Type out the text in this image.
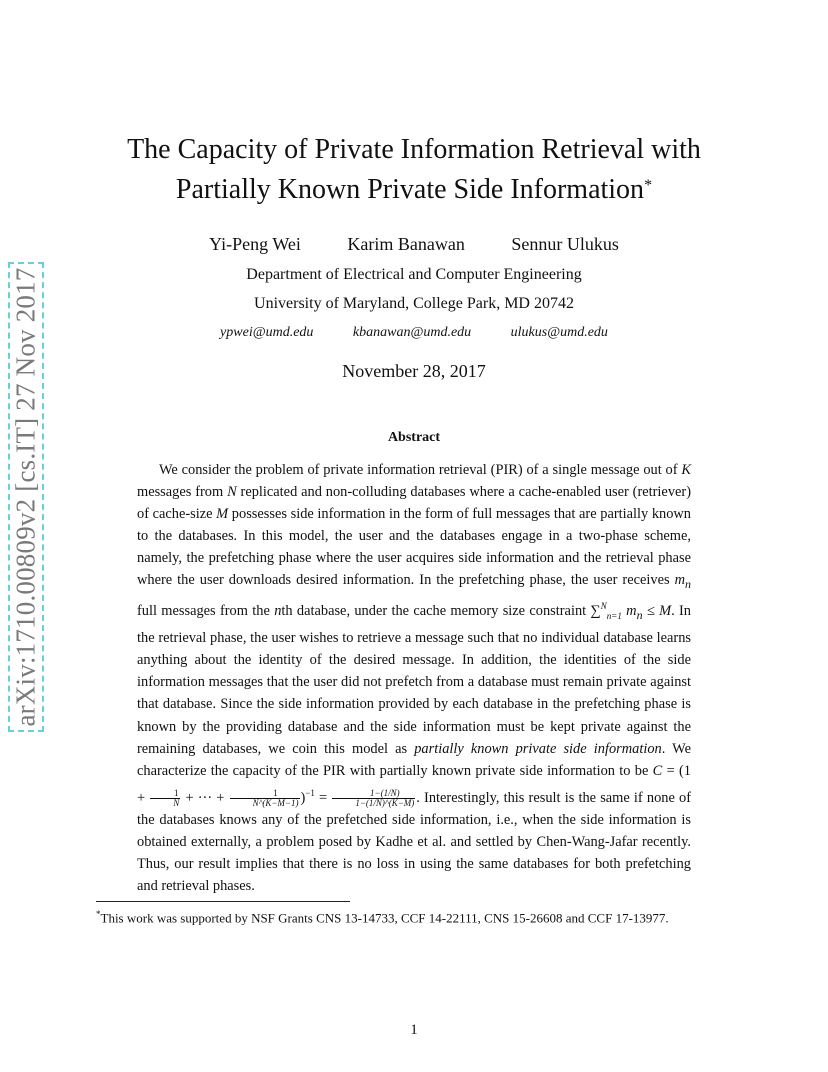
arXiv:1710.00809v2 [cs.IT] 27 Nov 2017
The Capacity of Private Information Retrieval with
Partially Known Private Side Information*
Yi-Peng Wei	Karim Banawan	Sennur Ulukus
Department of Electrical and Computer Engineering
University of Maryland, College Park, MD 20742
ypwei@umd.edu	kbanawan@umd.edu	ulukus@umd.edu
November 28, 2017
Abstract

We consider the problem of private information retrieval (PIR) of a single message out of K messages from N replicated and non-colluding databases where a cache-enabled user (retriever) of cache-size M possesses side information in the form of full messages that are partially known to the databases. In this model, the user and the databases engage in a two-phase scheme, namely, the prefetching phase where the user acquires side information and the retrieval phase where the user downloads desired information. In the prefetching phase, the user receives $m_n$ full messages from the nth database, under the cache memory size constraint ∑$^N_{n=1}$ $m_n \le M$. In the retrieval phase, the user wishes to retrieve a message such that no individual database learns anything about the identity of the desired message. In addition, the identities of the side information messages that the user did not prefetch from a database must remain private against that database. Since the side information provided by each database in the prefetching phase is known by the providing database and the side information must be kept private against the remaining databases, we coin this model as partially known private side information. We characterize the capacity of the PIR with partially known private side information to be $C = (1 + \frac{1}{N}$ + ··· + $\frac{1}{N\^{}(K-M-1)} )^{-1} = \frac{1-(1/N)}{1-(1/N)\^{}(K-M)}$ . Interestingly, this result is the same if none of the databases knows any of the prefetched side information, i.e., when the side information is obtained externally, a problem posed by Kadhe et al. and settled by Chen-Wang-Jafar recently. Thus, our result implies that there is no loss in using the same databases for both prefetching and retrieval phases.

*This work was supported by NSF Grants CNS 13-14733, CCF 14-22111, CNS 15-26608 and CCF 17-13977.
1
